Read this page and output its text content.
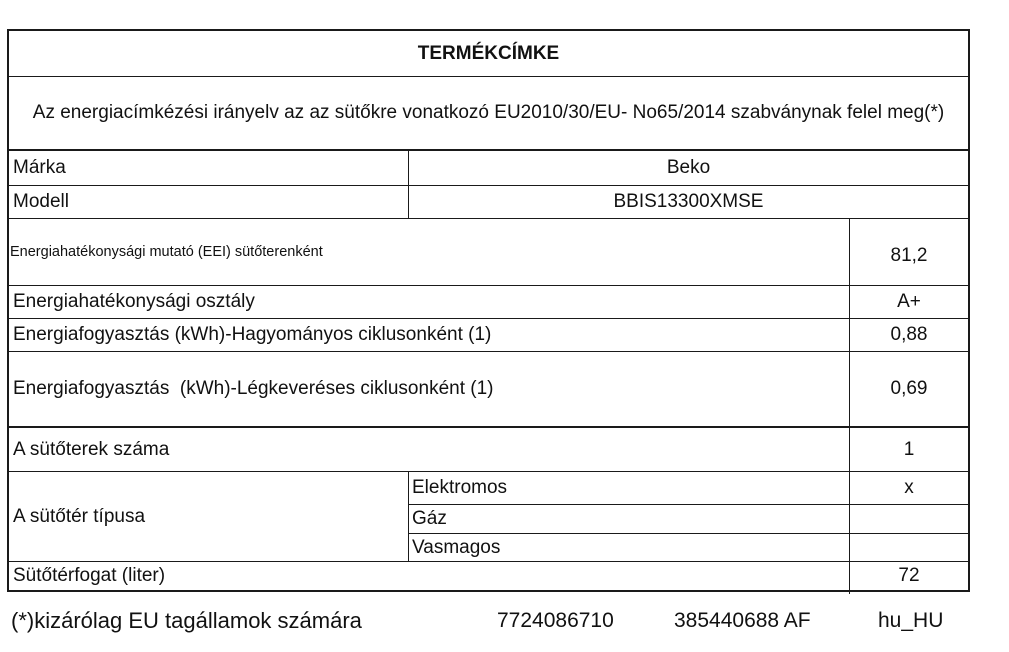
TERMÉKCÍMKE
Az energiacímkézési irányelv az az sütőkre vonatkozó EU2010/30/EU- No65/2014 szabványnak felel meg(*)
Márka	Beko
Modell	BBIS13300XMSE
Energiahatékonysági mutató (EEI) sütőterenként	81,2
Energiahatékonysági osztály	A+
Energiafogyasztás (kWh)-Hagyományos ciklusonként (1)	0,88
Energiafogyasztás  (kWh)-Légkeveréses ciklusonként (1)	0,69
A sütőterek száma	1
A sütőtér típusa
Elektromos	x
Gáz
Vasmagos
Sütőtérfogat (liter)	72
(*)kizárólag EU tagállamok számára	7724086710	385440688 AF	hu_HU
